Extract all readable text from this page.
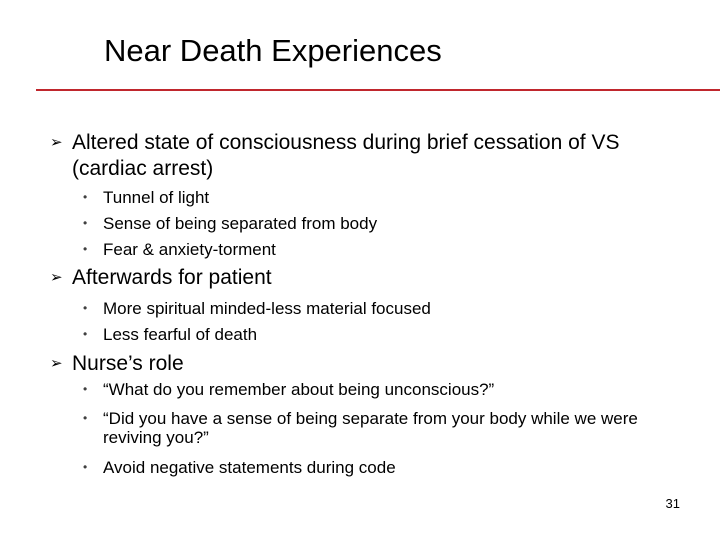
Near Death Experiences
➢ Altered state of consciousness during brief cessation of VS (cardiac arrest)
• Tunnel of light
• Sense of being separated from body
• Fear & anxiety-torment
➢ Afterwards for patient
• More spiritual minded-less material focused
• Less fearful of death
➢ Nurse’s role
• “What do you remember about being unconscious?”
• “Did you have a sense of being separate from your body while we were reviving you?”
• Avoid negative statements during code
31
